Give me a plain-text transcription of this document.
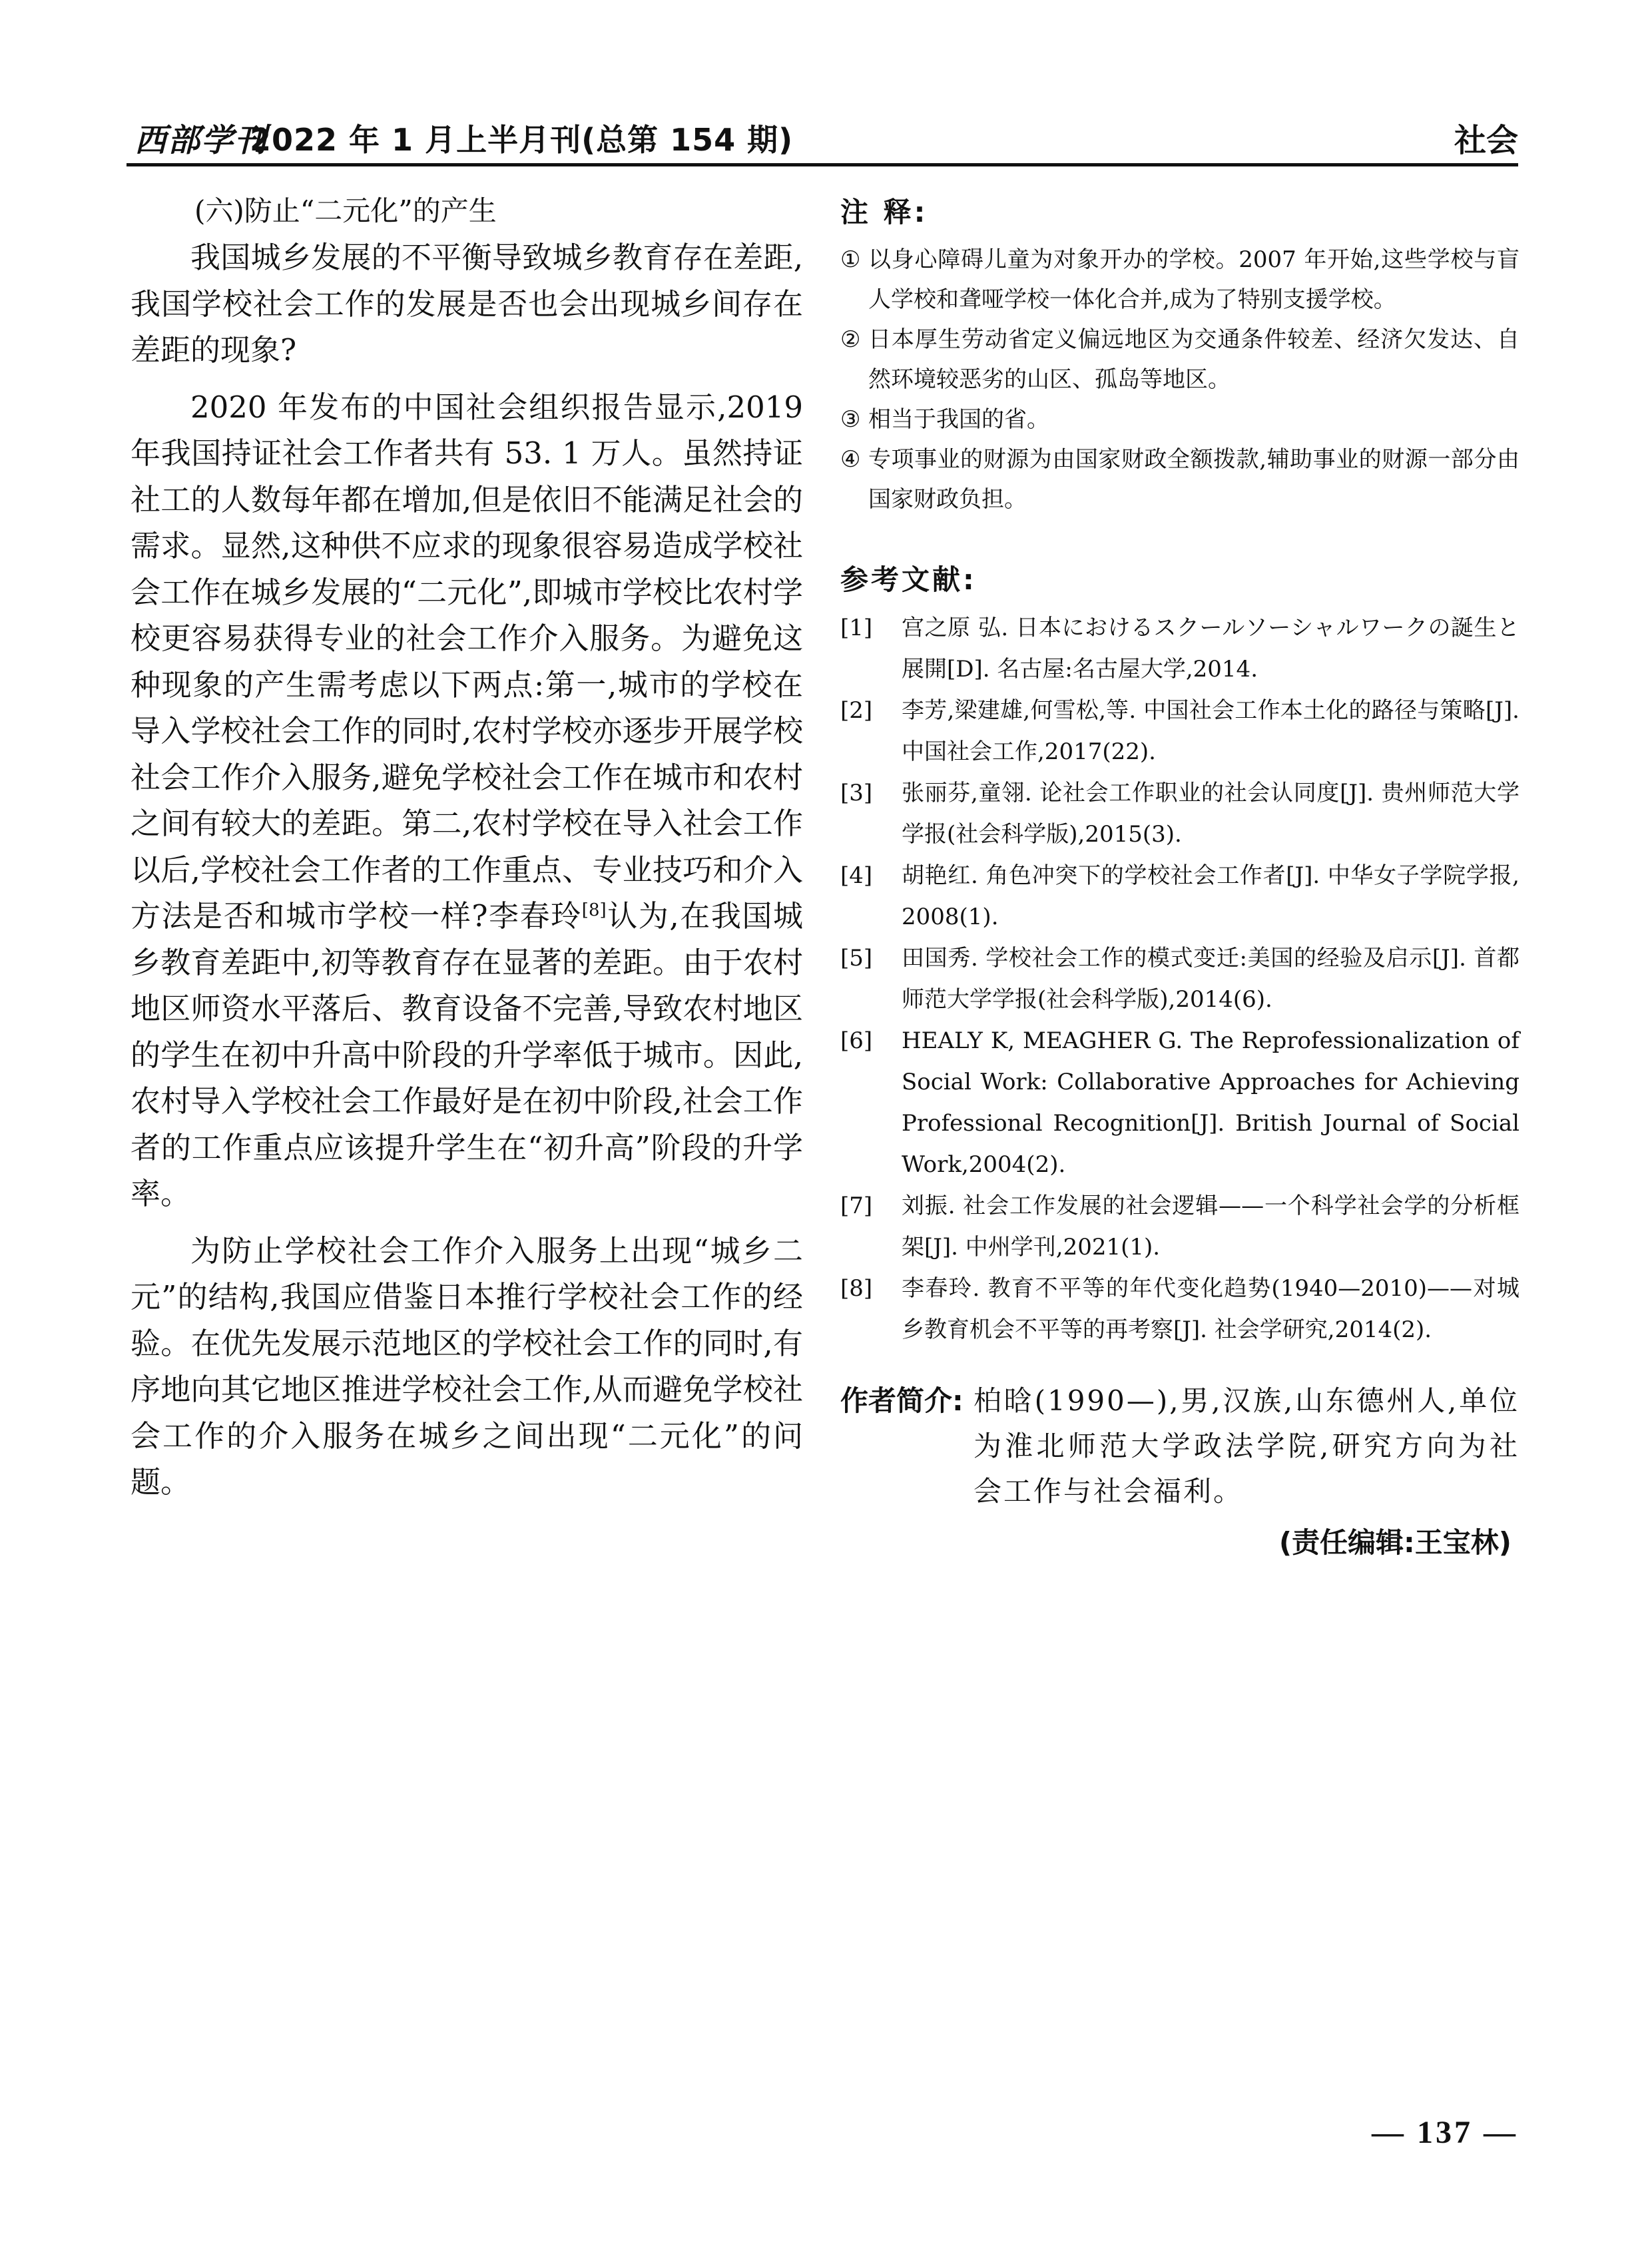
西部学刊
2022 年 1 月上半月刊(总第 154 期)	社会

(六)防止“二元化”的产生

我国城乡发展的不平衡导致城乡教育存在差距,我国学校社会工作的发展是否也会出现城乡间存在差距的现象?

2020 年发布的中国社会组织报告显示,2019 年我国持证社会工作者共有 53. 1 万人。虽然持证社工的人数每年都在增加,但是依旧不能满足社会的需求。显然,这种供不应求的现象很容易造成学校社会工作在城乡发展的“二元化”,即城市学校比农村学校更容易获得专业的社会工作介入服务。为避免这种现象的产生需考虑以下两点:第一,城市的学校在导入学校社会工作的同时,农村学校亦逐步开展学校社会工作介入服务,避免学校社会工作在城市和农村之间有较大的差距。第二,农村学校在导入社会工作以后,学校社会工作者的工作重点、专业技巧和介入方法是否和城市学校一样?李春玲[8]认为,在我国城乡教育差距中,初等教育存在显著的差距。由于农村地区师资水平落后、教育设备不完善,导致农村地区的学生在初中升高中阶段的升学率低于城市。因此,农村导入学校社会工作最好是在初中阶段,社会工作者的工作重点应该提升学生在“初升高”阶段的升学率。

为防止学校社会工作介入服务上出现“城乡二元”的结构,我国应借鉴日本推行学校社会工作的经验。在优先发展示范地区的学校社会工作的同时,有序地向其它地区推进学校社会工作,从而避免学校社会工作的介入服务在城乡之间出现“二元化”的问题。

注 释:

① 以身心障碍儿童为对象开办的学校。2007 年开始,这些学校与盲人学校和聋哑学校一体化合并,成为了特别支援学校。

② 日本厚生劳动省定义偏远地区为交通条件较差、经济欠发达、自然环境较恶劣的山区、孤岛等地区。

③ 相当于我国的省。

④ 专项事业的财源为由国家财政全额拨款,辅助事业的财源一部分由国家财政负担。

参考文献:

[1]	宫之原 弘. 日本におけるスクールソーシャルワークの誕生と展開[D]. 名古屋:名古屋大学,2014.

[2]	李芳,梁建雄,何雪松,等. 中国社会工作本土化的路径与策略[J]. 中国社会工作,2017(22).

[3]	张丽芬,童翎. 论社会工作职业的社会认同度[J]. 贵州师范大学学报(社会科学版),2015(3).

[4]	胡艳红. 角色冲突下的学校社会工作者[J]. 中华女子学院学报,2008(1).

[5]	田国秀. 学校社会工作的模式变迁:美国的经验及启示[J]. 首都师范大学学报(社会科学版),2014(6).

[6]	HEALY K, MEAGHER G. The Reprofessionalization of Social Work: Collaborative Approaches for Achieving Professional Recognition[J]. British Journal of Social Work,2004(2).

[7]	刘振. 社会工作发展的社会逻辑——一个科学社会学的分析框架[J]. 中州学刊,2021(1).

[8]	李春玲. 教育不平等的年代变化趋势(1940—2010)——对城乡教育机会不平等的再考察[J]. 社会学研究,2014(2).

作者简介: 柏晗(1990—),男,汉族,山东德州人,单位为淮北师范大学政法学院,研究方向为社会工作与社会福利。
(责任编辑:王宝林)
— 137 —
